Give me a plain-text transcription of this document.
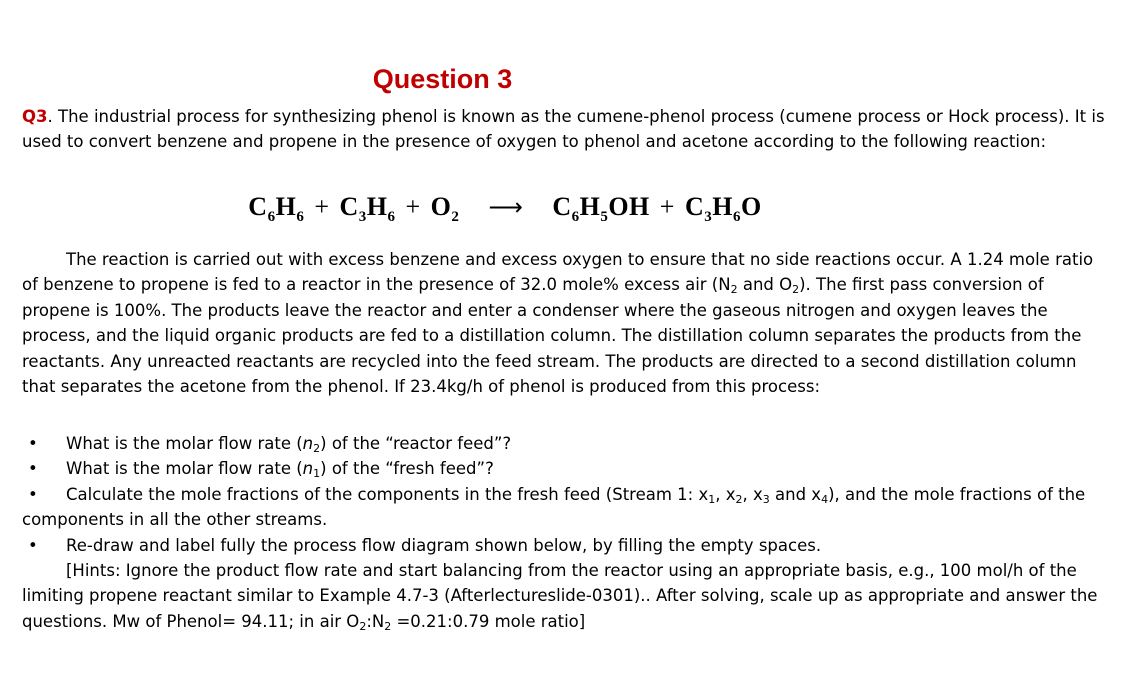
Question 3
Q3. The industrial process for synthesizing phenol is known as the cumene-phenol process (cumene process or Hock process). It is used to convert benzene and propene in the presence of oxygen to phenol and acetone according to the following reaction:
$C_6H_6 + C_3H_6 + O_2$ ⟶ $C_6H_5OH + C_3H_6O$
The reaction is carried out with excess benzene and excess oxygen to ensure that no side reactions occur. A 1.24 mole ratio of benzene to propene is fed to a reactor in the presence of 32.0 mole% excess air ($N_2$ and $O_2$). The first pass conversion of propene is 100%. The products leave the reactor and enter a condenser where the gaseous nitrogen and oxygen leaves the process, and the liquid organic products are fed to a distillation column. The distillation column separates the products from the reactants. Any unreacted reactants are recycled into the feed stream. The products are directed to a second distillation column that separates the acetone from the phenol. If 23.4kg/h of phenol is produced from this process:
• What is the molar flow rate $(n_2)$ of the “reactor feed”?
• What is the molar flow rate $(n_1)$ of the “fresh feed”?
• Calculate the mole fractions of the components in the fresh feed (Stream 1: $x_1$, $x_2$, $x_3$ and $x_4$), and the mole fractions of the components in all the other streams.
• Re-draw and label fully the process flow diagram shown below, by filling the empty spaces.
[Hints: Ignore the product flow rate and start balancing from the reactor using an appropriate basis, e.g., 100 mol/h of the limiting propene reactant similar to Example 4.7-3 (Afterlectureslide-0301).. After solving, scale up as appropriate and answer the questions. Mw of Phenol= 94.11; in air $O_2:N_2$ =0.21:0.79 mole ratio]
